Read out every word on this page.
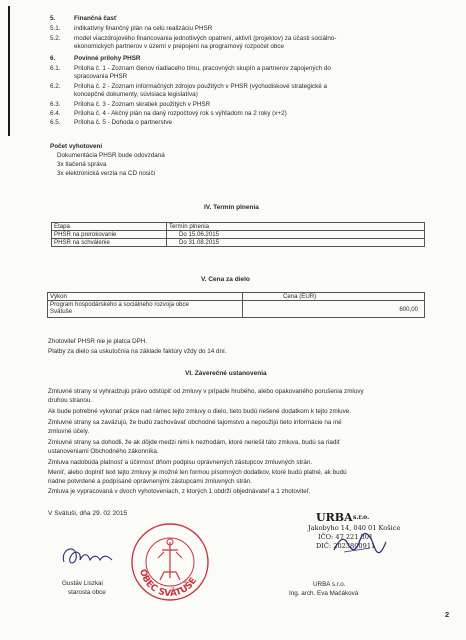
5.	Finančná časť
5.1. indikatívny finančný plán na celú realizáciu PHSR
5.2. model viaczdrojového financovania jednotlivých opatrení, aktivít (projektov) za účasti sociálno-
ekonomických partnerov v území v prepojení na programový rozpočet obce
6.	Povinné prílohy PHSR
6.1. Príloha č. 1 - Zoznam členov riadiaceho tímu, pracovných skupín a partnerov zapojených do
spracovania PHSR
6.2. Príloha č. 2 - Zoznam informačných zdrojov použitých v PHSR (východiskové strategické a
koncepčné dokumenty, súvisiaca legislatíva)
6.3. Príloha č. 3 - Zoznam skratiek použitých v PHSR
6.4. Príloha č. 4 - Akčný plán na daný rozpočtový rok s výhľadom na 2 roky (x+2)
6.5. Príloha č. 5 - Dohoda o partnerstve
Počet vyhotovení
Dokumentácia PHSR bude odovzdaná
3x tlačená správa
3x elektronická verzia na CD nosiči
IV. Termín plnenia
Etapa	Termín plnenia
PHSR na prerokovanie	Do 15.06.2015
PHSR na schválenie	Do 31.08.2015
V. Cena za dielo
Výkon	Cena (EUR)

Program hospodárskeho a sociálneho rozvoja obce
Svätuše	600,00
Zhotoviteľ PHSR nie je platca DPH.
Platby za dielo sa uskutočnia na základe faktúry vždy do 14 dní.
VI. Záverečné ustanovenia
Zmluvné strany si vyhradzujú právo odstúpiť od zmluvy v prípade hrubého, alebo opakovaného porušenia zmluvy
druhou stranou.
Ak bude potrebné vykonať práce nad rámec tejto zmluvy o dielo, tieto budú riešené dodatkom k tejto zmluve.
Zmluvné strany sa zaväzujú, že budú zachovávať obchodné tajomstvo a nepoužijú tieto informácie na iné
zmluvné účely.
Zmluvné strany sa dohodli, že ak dôjde medzi nimi k nezhodám, ktoré neriešil táto zmluva, budú sa riadiť
ustanoveniami Obchodného zákonníka.
Zmluva nadobúda platnosť a účinnosť dňom podpisu oprávnených zástupcov zmluvných strán.
Meniť, alebo doplniť text tejto zmluvy je možné len formou písomných dodatkov, ktoré budú platné, ak budú
riadne potvrdené a podpísané oprávnenými zástupcami zmluvných strán.
Zmluva je vypracovaná v dvoch vyhotoveniach, z ktorých 1 obdrží objednávateľ a 1 zhotoviteľ.
V Svätuši, dňa 29. 02 2015	URBA s.r.o.
Jakobyho 14, 040 01 Košice
IČO: 47 221 801
DIČ: 2023800911
OBEC SVÄTUŠE
Gustáv Liszkai
starosta obce
URBA s.r.o.
Ing. arch. Eva Mačáková
2
